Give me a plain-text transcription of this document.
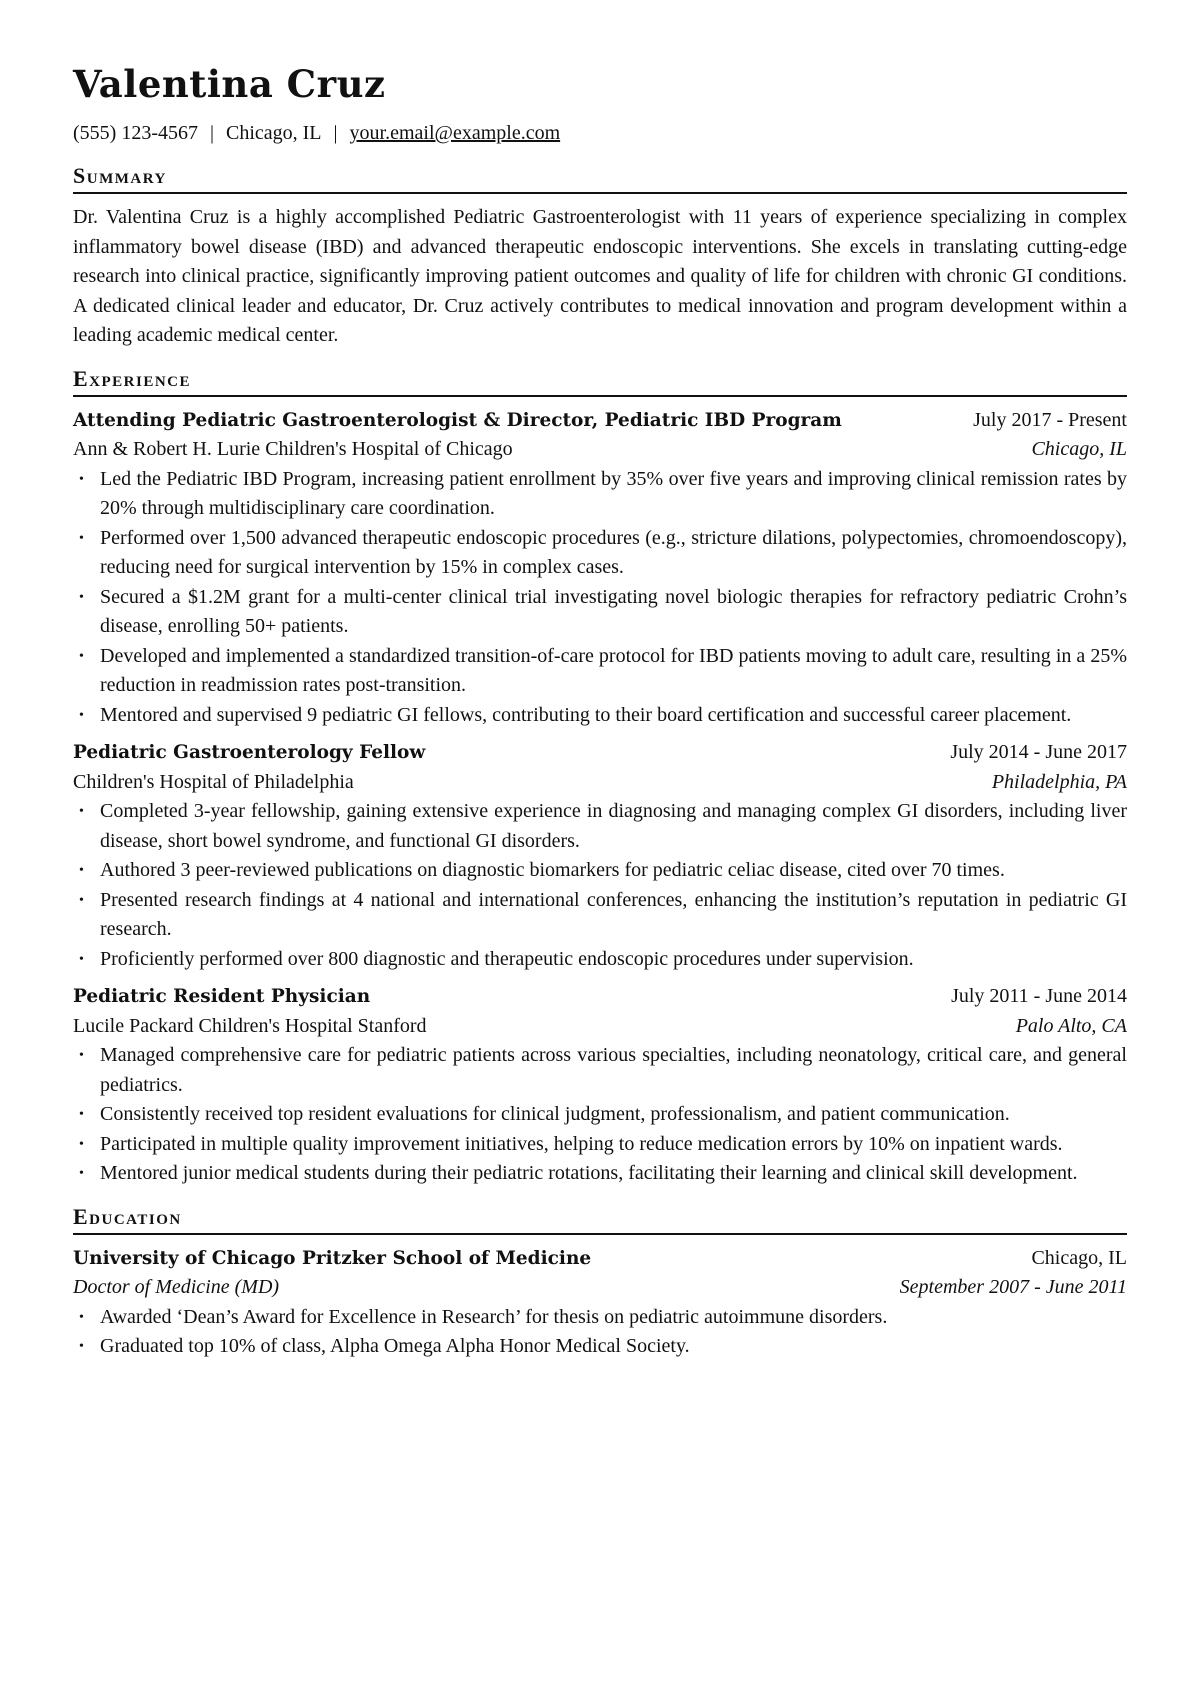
Valentina Cruz
(555) 123-4567 | Chicago, IL | your.email@example.com
Summary
Dr. Valentina Cruz is a highly accomplished Pediatric Gastroenterologist with 11 years of experience specializing in complex inflammatory bowel disease (IBD) and advanced therapeutic endoscopic interventions. She excels in translating cutting-edge research into clinical practice, significantly improving patient outcomes and quality of life for children with chronic GI conditions. A dedicated clinical leader and educator, Dr. Cruz actively contributes to medical innovation and program development within a leading academic medical center.
Experience
Attending Pediatric Gastroenterologist & Director, Pediatric IBD Program	July 2017 - Present
Ann & Robert H. Lurie Children's Hospital of Chicago	Chicago, IL
• Led the Pediatric IBD Program, increasing patient enrollment by 35% over five years and improving clinical remission rates by 20% through multidisciplinary care coordination.
• Performed over 1,500 advanced therapeutic endoscopic procedures (e.g., stricture dilations, polypectomies, chromoendoscopy), reducing need for surgical intervention by 15% in complex cases.
• Secured a $1.2M grant for a multi-center clinical trial investigating novel biologic therapies for refractory pediatric Crohn’s disease, enrolling 50+ patients.
• Developed and implemented a standardized transition-of-care protocol for IBD patients moving to adult care, resulting in a 25% reduction in readmission rates post-transition.
• Mentored and supervised 9 pediatric GI fellows, contributing to their board certification and successful career placement.
Pediatric Gastroenterology Fellow	July 2014 - June 2017
Children's Hospital of Philadelphia	Philadelphia, PA
• Completed 3-year fellowship, gaining extensive experience in diagnosing and managing complex GI disorders, including liver disease, short bowel syndrome, and functional GI disorders.
• Authored 3 peer-reviewed publications on diagnostic biomarkers for pediatric celiac disease, cited over 70 times.
• Presented research findings at 4 national and international conferences, enhancing the institution’s reputation in pediatric GI research.
• Proficiently performed over 800 diagnostic and therapeutic endoscopic procedures under supervision.
Pediatric Resident Physician	July 2011 - June 2014
Lucile Packard Children's Hospital Stanford	Palo Alto, CA
• Managed comprehensive care for pediatric patients across various specialties, including neonatology, critical care, and general pediatrics.
• Consistently received top resident evaluations for clinical judgment, professionalism, and patient communication.
• Participated in multiple quality improvement initiatives, helping to reduce medication errors by 10% on inpatient wards.
• Mentored junior medical students during their pediatric rotations, facilitating their learning and clinical skill development.
Education
University of Chicago Pritzker School of Medicine	Chicago, IL
Doctor of Medicine (MD)	September 2007 - June 2011
• Awarded ‘Dean’s Award for Excellence in Research’ for thesis on pediatric autoimmune disorders.
• Graduated top 10% of class, Alpha Omega Alpha Honor Medical Society.
